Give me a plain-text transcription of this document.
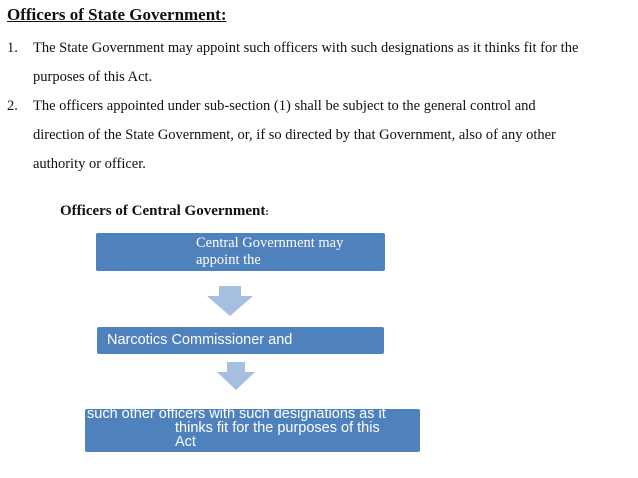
Officers of State Government:
1. The State Government may appoint such officers with such designations as it thinks fit for the
purposes of this Act.
2. The officers appointed under sub-section (1) shall be subject to the general control and
direction of the State Government, or, if so directed by that Government, also of any other
authority or officer.
Officers of Central Government:
Central Government may
appoint the
Narcotics Commissioner and
such other officers with such designations as it
thinks fit for the purposes of this
Act
